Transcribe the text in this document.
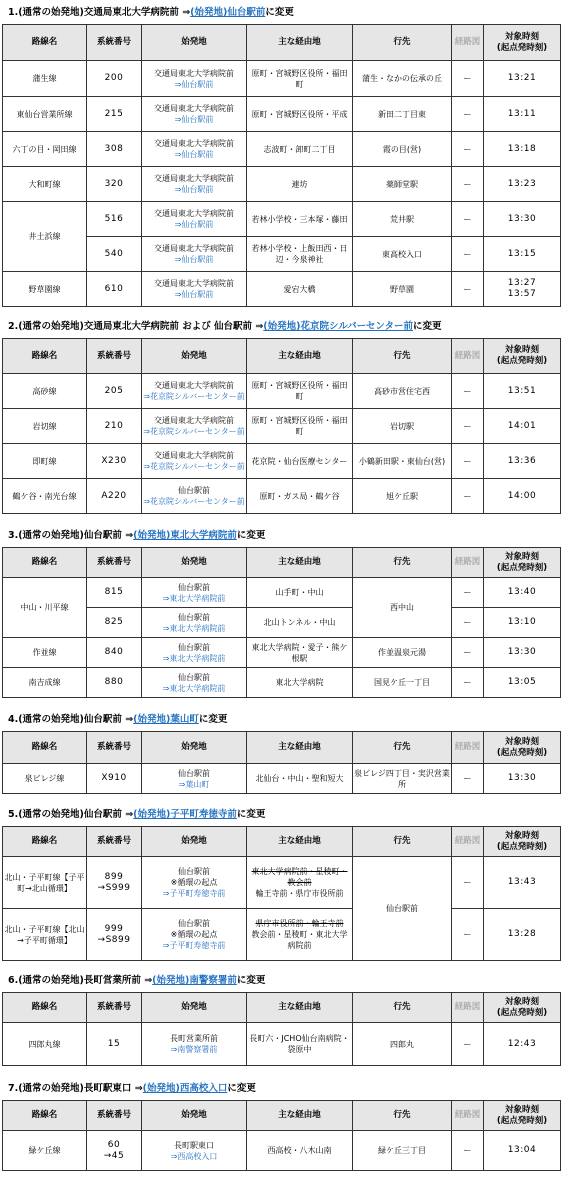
1.(通常の始発地)交通局東北大学病院前 ⇒(始発地)仙台駅前に変更
路線名	系統番号	始発地	主な経由地	行先	経路図	対象時刻
(起点発時刻)

蒲生線	200	交通局東北大学病院前
⇒仙台駅前	原町・宮城野区役所・福田町	蒲生・なかの伝承の丘	ー	13:21
東仙台営業所線	215	交通局東北大学病院前
⇒仙台駅前	原町・宮城野区役所・平成	新田二丁目東	ー	13:11
六丁の目・岡田線	308	交通局東北大学病院前
⇒仙台駅前	志波町・卸町二丁目	霞の目(営)	ー	13:18
大和町線	320	交通局東北大学病院前
⇒仙台駅前	連坊	薬師堂駅	ー	13:23
井土浜線	516	交通局東北大学病院前
⇒仙台駅前	若林小学校・三本塚・藤田	荒井駅	ー	13:30
	540	交通局東北大学病院前
⇒仙台駅前	若林小学校・上飯田西・日辺・今泉神社	東高校入口	ー	13:15
野草園線	610	交通局東北大学病院前
⇒仙台駅前	愛宕大橋	野草園	ー	13:27
13:57
2.(通常の始発地)交通局東北大学病院前 および 仙台駅前 ⇒(始発地)花京院シルバーセンター前に変更
路線名	系統番号	始発地	主な経由地	行先	経路図	対象時刻
(起点発時刻)

高砂線	205	交通局東北大学病院前
⇒花京院シルバーセンター前	原町・宮城野区役所・福田町	高砂市営住宅西	ー	13:51
岩切線	210	交通局東北大学病院前
⇒花京院シルバーセンター前	原町・宮城野区役所・福田町	岩切駅	ー	14:01
即町線	X230	交通局東北大学病院前
⇒花京院シルバーセンター前	花京院・仙台医療センター	小鶴新田駅・東仙台(営)	ー	13:36
鶴ケ谷・南光台線	A220	仙台駅前
⇒花京院シルバーセンター前	原町・ガス局・鶴ケ谷	旭ケ丘駅	ー	14:00
3.(通常の始発地)仙台駅前 ⇒(始発地)東北大学病院前に変更
路線名	系統番号	始発地	主な経由地	行先	経路図	対象時刻
(起点発時刻)

中山・川平線	815	仙台駅前
⇒東北大学病院前	山手町・中山	西中山	ー	13:40
	825	仙台駅前
⇒東北大学病院前	北山トンネル・中山		ー	13:10
作並線	840	仙台駅前
⇒東北大学病院前	東北大学病院・愛子・熊ケ根駅	作並温泉元湯	ー	13:30
南吉成線	880	仙台駅前
⇒東北大学病院前	東北大学病院	国見ケ丘一丁目	ー	13:05
4.(通常の始発地)仙台駅前 ⇒(始発地)葉山町に変更
路線名	系統番号	始発地	主な経由地	行先	経路図	対象時刻
(起点発時刻)

泉ビレジ線	X910	仙台駅前
⇒葉山町	北仙台・中山・聖和短大	泉ビレジ四丁目・実沢営業所	ー	13:30
5.(通常の始発地)仙台駅前 ⇒(始発地)子平町寿徳寺前に変更
路線名	系統番号	始発地	主な経由地	行先	経路図	対象時刻
(起点発時刻)

北山・子平町線【子平町→北山循環】	899
→S999	仙台駅前
※循環の起点
⇒子平町寿徳寺前	東北大学病院前・星稜町・教会前
輪王寺前・県庁市役所前	仙台駅前	ー	13:43
北山・子平町線【北山→子平町循環】	999
→S899	仙台駅前
※循環の起点
⇒子平町寿徳寺前	県庁市役所前・輪王寺前
教会前・星稜町・東北大学病院前		ー	13:28
6.(通常の始発地)長町営業所前 ⇒(始発地)南警察署前に変更
路線名	系統番号	始発地	主な経由地	行先	経路図	対象時刻
(起点発時刻)

四郎丸線	15	長町営業所前
⇒南警察署前	長町六・JCHO仙台南病院・袋原中	四郎丸	ー	12:43
7.(通常の始発地)長町駅東口 ⇒(始発地)西高校入口に変更
路線名	系統番号	始発地	主な経由地	行先	経路図	対象時刻
(起点発時刻)

緑ケ丘線	60
→45	長町駅東口
⇒西高校入口	西高校・八木山南	緑ケ丘三丁目	ー	13:04
